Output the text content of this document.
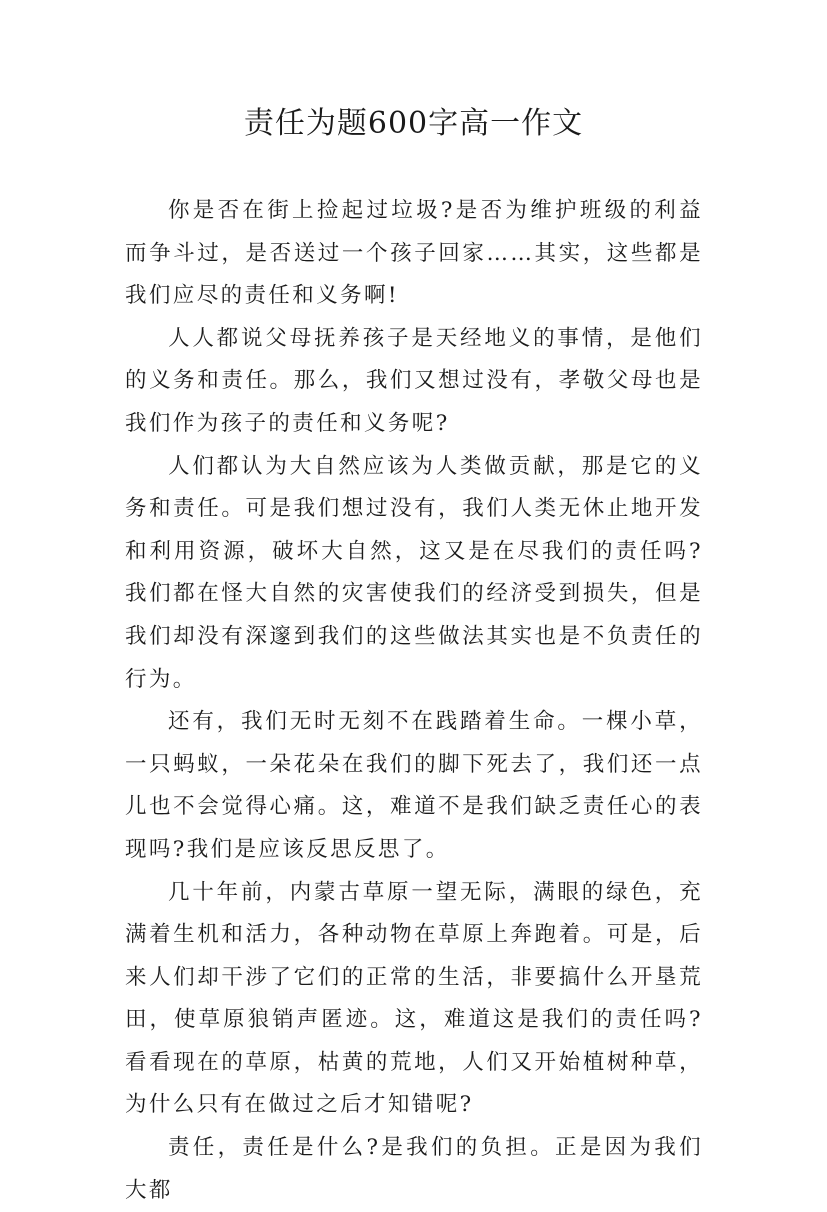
责任为题600字高一作文

你是否在街上捡起过垃圾?是否为维护班级的利益而争斗过，是否送过一个孩子回家……其实，这些都是我们应尽的责任和义务啊!

人人都说父母抚养孩子是天经地义的事情，是他们的义务和责任。那么，我们又想过没有，孝敬父母也是我们作为孩子的责任和义务呢?

人们都认为大自然应该为人类做贡献，那是它的义务和责任。可是我们想过没有，我们人类无休止地开发和利用资源，破坏大自然，这又是在尽我们的责任吗?我们都在怪大自然的灾害使我们的经济受到损失，但是我们却没有深邃到我们的这些做法其实也是不负责任的行为。

还有，我们无时无刻不在践踏着生命。一棵小草，一只蚂蚁，一朵花朵在我们的脚下死去了，我们还一点儿也不会觉得心痛。这，难道不是我们缺乏责任心的表现吗?我们是应该反思反思了。

几十年前，内蒙古草原一望无际，满眼的绿色，充满着生机和活力，各种动物在草原上奔跑着。可是，后来人们却干涉了它们的正常的生活，非要搞什么开垦荒田，使草原狼销声匿迹。这，难道这是我们的责任吗?看看现在的草原，枯黄的荒地，人们又开始植树种草，为什么只有在做过之后才知错呢?

责任，责任是什么?是我们的负担。正是因为我们大都
